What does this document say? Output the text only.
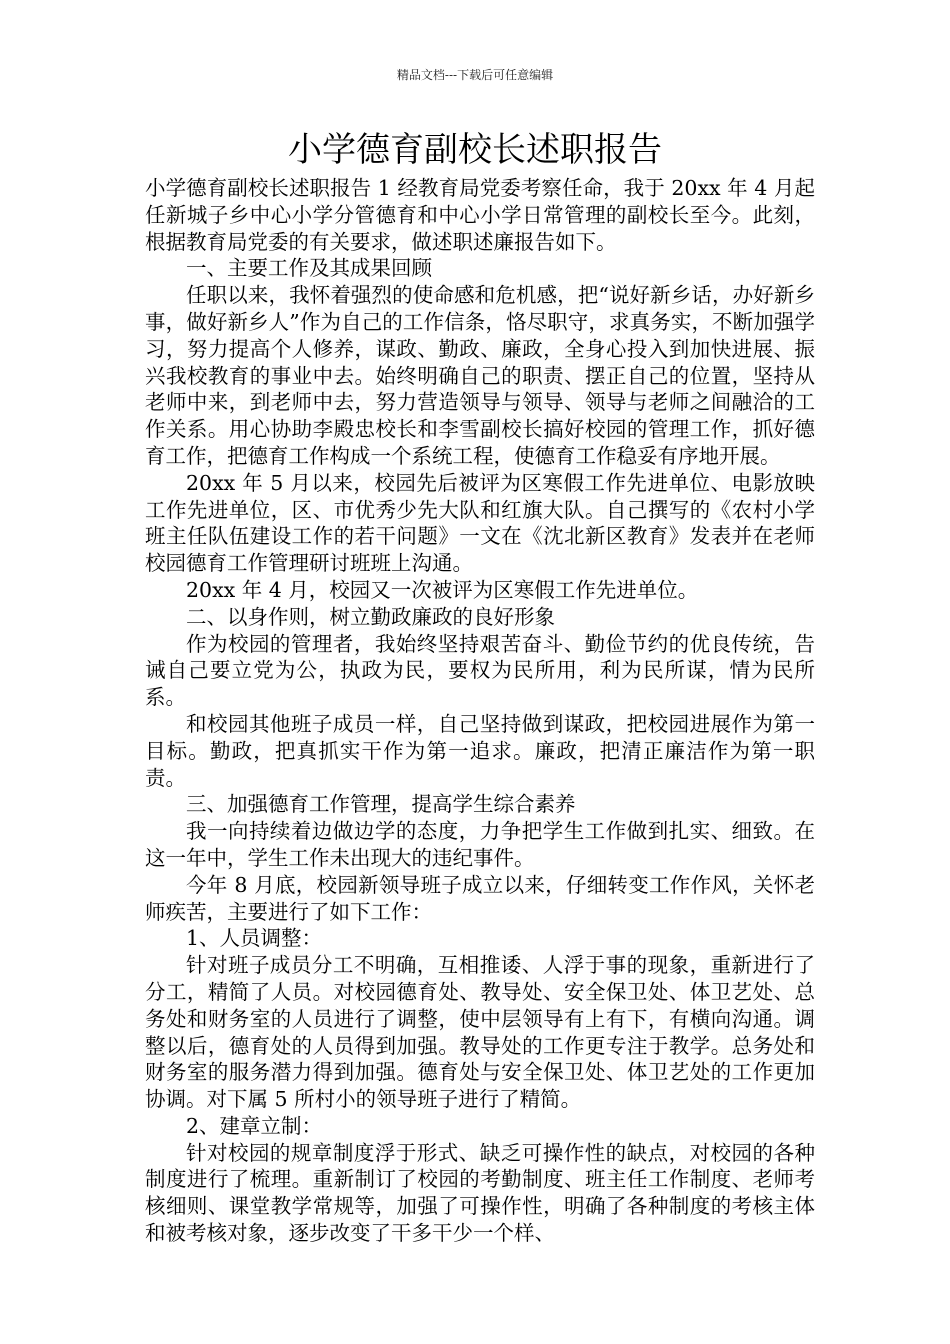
精品文档---下载后可任意编辑
小学德育副校长述职报告

小学德育副校长述职报告 1 经教育局党委考察任命，我于 20xx 年 4 月起任新城子乡中心小学分管德育和中心小学日常管理的副校长至今。此刻，根据教育局党委的有关要求，做述职述廉报告如下。

一、主要工作及其成果回顾

任职以来，我怀着强烈的使命感和危机感，把“说好新乡话，办好新乡事，做好新乡人”作为自己的工作信条，恪尽职守，求真务实，不断加强学习，努力提高个人修养，谋政、勤政、廉政，全身心投入到加快进展、振兴我校教育的事业中去。始终明确自己的职责、摆正自己的位置，坚持从老师中来，到老师中去，努力营造领导与领导、领导与老师之间融洽的工作关系。用心协助李殿忠校长和李雪副校长搞好校园的管理工作，抓好德育工作，把德育工作构成一个系统工程，使德育工作稳妥有序地开展。

20xx 年 5 月以来，校园先后被评为区寒假工作先进单位、电影放映工作先进单位，区、市优秀少先大队和红旗大队。自己撰写的《农村小学班主任队伍建设工作的若干问题》一文在《沈北新区教育》发表并在老师校园德育工作管理研讨班班上沟通。

20xx 年 4 月，校园又一次被评为区寒假工作先进单位。

二、以身作则，树立勤政廉政的良好形象

作为校园的管理者，我始终坚持艰苦奋斗、勤俭节约的优良传统，告诫自己要立党为公，执政为民，要权为民所用，利为民所谋，情为民所系。

和校园其他班子成员一样，自己坚持做到谋政，把校园进展作为第一目标。勤政，把真抓实干作为第一追求。廉政，把清正廉洁作为第一职责。

三、加强德育工作管理，提高学生综合素养

我一向持续着边做边学的态度，力争把学生工作做到扎实、细致。在这一年中，学生工作未出现大的违纪事件。

今年 8 月底，校园新领导班子成立以来，仔细转变工作作风，关怀老师疾苦，主要进行了如下工作：

1、人员调整：

针对班子成员分工不明确，互相推诿、人浮于事的现象，重新进行了分工，精简了人员。对校园德育处、教导处、安全保卫处、体卫艺处、总务处和财务室的人员进行了调整，使中层领导有上有下，有横向沟通。调整以后，德育处的人员得到加强。教导处的工作更专注于教学。总务处和财务室的服务潜力得到加强。德育处与安全保卫处、体卫艺处的工作更加协调。对下属 5 所村小的领导班子进行了精简。

2、建章立制：

针对校园的规章制度浮于形式、缺乏可操作性的缺点，对校园的各种制度进行了梳理。重新制订了校园的考勤制度、班主任工作制度、老师考核细则、课堂教学常规等，加强了可操作性，明确了各种制度的考核主体和被考核对象，逐步改变了干多干少一个样、
